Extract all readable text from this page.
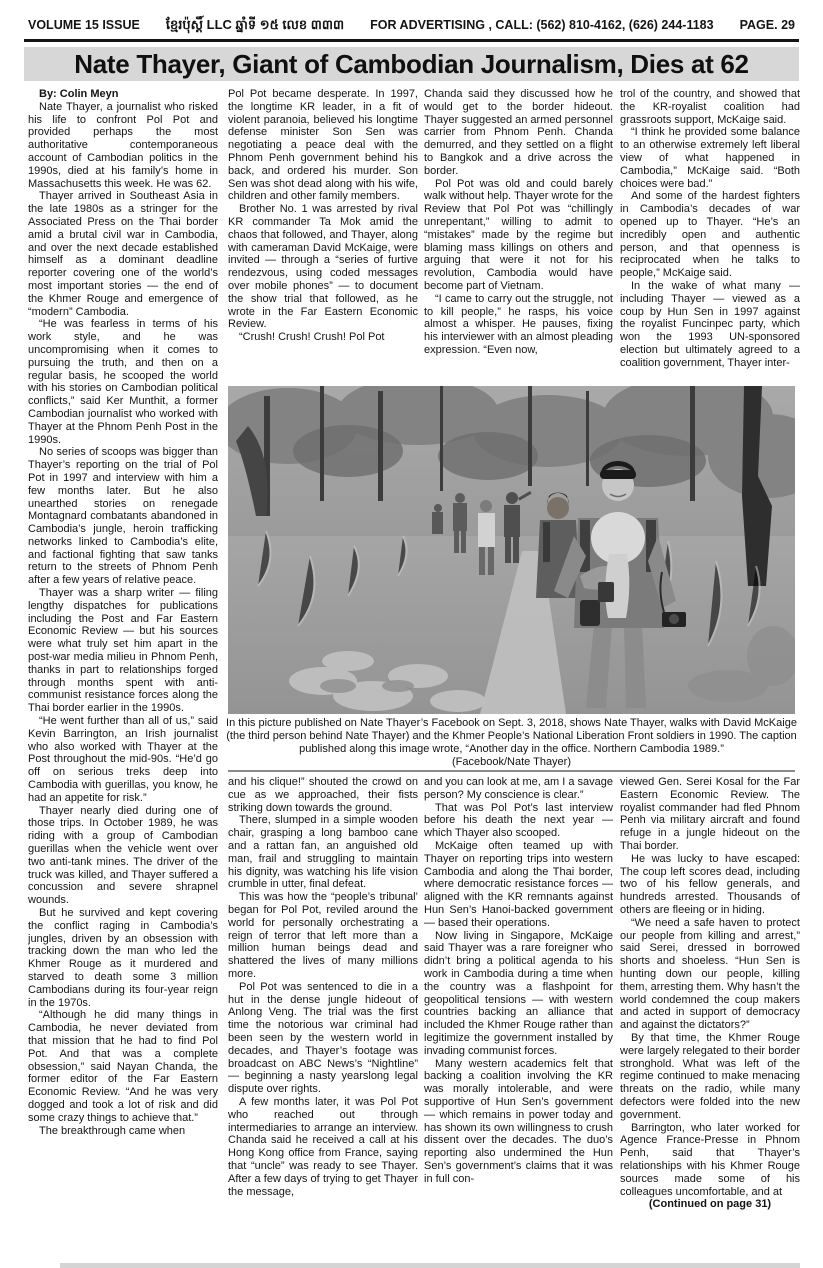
VOLUME 15 ISSUE ខ្មែរប៉ុស្តិ៍ LLC ឆ្នាំទី ១៥ លេខ ៣៣៣ FOR ADVERTISING , CALL: (562) 810-4162, (626) 244-1183 PAGE. 29
Nate Thayer, Giant of Cambodian Journalism, Dies at 62

By: Colin Meyn

Nate Thayer, a journalist who risked his life to confront Pol Pot and provided perhaps the most authoritative contemporaneous account of Cambodian politics in the 1990s, died at his family’s home in Massachusetts this week. He was 62.

Thayer arrived in Southeast Asia in the late 1980s as a stringer for the Associated Press on the Thai border amid a brutal civil war in Cambodia, and over the next decade established himself as a dominant deadline reporter covering one of the world’s most important stories — the end of the Khmer Rouge and emergence of “modern” Cambodia.

“He was fearless in terms of his work style, and he was uncompromising when it comes to pursuing the truth, and then on a regular basis, he scooped the world with his stories on Cambodian political conflicts,” said Ker Munthit, a former Cambodian journalist who worked with Thayer at the Phnom Penh Post in the 1990s.

No series of scoops was bigger than Thayer’s reporting on the trial of Pol Pot in 1997 and interview with him a few months later. But he also unearthed stories on renegade Montagnard combatants abandoned in Cambodia’s jungle, heroin trafficking networks linked to Cambodia’s elite, and factional fighting that saw tanks return to the streets of Phnom Penh after a few years of relative peace.

Thayer was a sharp writer — filing lengthy dispatches for publications including the Post and Far Eastern Economic Review — but his sources were what truly set him apart in the post-war media milieu in Phnom Penh, thanks in part to relationships forged through months spent with anti-communist resistance forces along the Thai border earlier in the 1990s.

“He went further than all of us,” said Kevin Barrington, an Irish journalist who also worked with Thayer at the Post throughout the mid-90s. “He’d go off on serious treks deep into Cambodia with guerillas, you know, he had an appetite for risk.”

Thayer nearly died during one of those trips. In October 1989, he was riding with a group of Cambodian guerillas when the vehicle went over two anti-tank mines. The driver of the truck was killed, and Thayer suffered a concussion and severe shrapnel wounds.

But he survived and kept covering the conflict raging in Cambodia’s jungles, driven by an obsession with tracking down the man who led the Khmer Rouge as it murdered and starved to death some 3 million Cambodians during its four-year reign in the 1970s.

“Although he did many things in Cambodia, he never deviated from that mission that he had to find Pol Pot. And that was a complete obsession,” said Nayan Chanda, the former editor of the Far Eastern Economic Review. “And he was very dogged and took a lot of risk and did some crazy things to achieve that.”

The breakthrough came when

Pol Pot became desperate. In 1997, the longtime KR leader, in a fit of violent paranoia, believed his longtime defense minister Son Sen was negotiating a peace deal with the Phnom Penh government behind his back, and ordered his murder. Son Sen was shot dead along with his wife, children and other family members.

Brother No. 1 was arrested by rival KR commander Ta Mok amid the chaos that followed, and Thayer, along with cameraman David McKaige, were invited — through a “series of furtive rendezvous, using coded messages over mobile phones” — to document the show trial that followed, as he wrote in the Far Eastern Economic Review.

“Crush! Crush! Crush! Pol Pot

Chanda said they discussed how he would get to the border hideout. Thayer suggested an armed personnel carrier from Phnom Penh. Chanda demurred, and they settled on a flight to Bangkok and a drive across the border.

Pol Pot was old and could barely walk without help. Thayer wrote for the Review that Pol Pot was “chillingly unrepentant,” willing to admit to “mistakes” made by the regime but blaming mass killings on others and arguing that were it not for his revolution, Cambodia would have become part of Vietnam.

“I came to carry out the struggle, not to kill people,” he rasps, his voice almost a whisper. He pauses, fixing his interviewer with an almost pleading expression. “Even now,

trol of the country, and showed that the KR-royalist coalition had grassroots support, McKaige said.

“I think he provided some balance to an otherwise extremely left liberal view of what happened in Cambodia,” McKaige said. “Both choices were bad.”

And some of the hardest fighters in Cambodia’s decades of war opened up to Thayer. “He’s an incredibly open and authentic person, and that openness is reciprocated when he talks to people,” McKaige said.

In the wake of what many — including Thayer — viewed as a coup by Hun Sen in 1997 against the royalist Funcinpec party, which won the 1993 UN-sponsored election but ultimately agreed to a coalition government, Thayer inter-

In this picture published on Nate Thayer’s Facebook on Sept. 3, 2018, shows Nate Thayer, walks with David McKaige (the third person behind Nate Thayer) and the Khmer People’s National Liberation Front soldiers in 1990. The caption published along this image wrote, “Another day in the office. Northern Cambodia 1989.”

(Facebook/Nate Thayer)

and his clique!” shouted the crowd on cue as we approached, their fists striking down towards the ground.

There, slumped in a simple wooden chair, grasping a long bamboo cane and a rattan fan, an anguished old man, frail and struggling to maintain his dignity, was watching his life vision crumble in utter, final defeat.

This was how the “people’s tribunal’ began for Pol Pot, reviled around the world for personally orchestrating a reign of terror that left more than a million human beings dead and shattered the lives of many millions more.

Pol Pot was sentenced to die in a hut in the dense jungle hideout of Anlong Veng. The trial was the first time the notorious war criminal had been seen by the western world in decades, and Thayer’s footage was broadcast on ABC News’s “Nightline” — beginning a nasty yearslong legal dispute over rights.

A few months later, it was Pol Pot who reached out through intermediaries to arrange an interview. Chanda said he received a call at his Hong Kong office from France, saying that “uncle” was ready to see Thayer. After a few days of trying to get Thayer the message,

and you can look at me, am I a savage person? My conscience is clear.”

That was Pol Pot’s last interview before his death the next year — which Thayer also scooped.

McKaige often teamed up with Thayer on reporting trips into western Cambodia and along the Thai border, where democratic resistance forces — aligned with the KR remnants against Hun Sen’s Hanoi-backed government — based their operations.

Now living in Singapore, McKaige said Thayer was a rare foreigner who didn’t bring a political agenda to his work in Cambodia during a time when the country was a flashpoint for geopolitical tensions — with western countries backing an alliance that included the Khmer Rouge rather than legitimize the government installed by invading communist forces.

Many western academics felt that backing a coalition involving the KR was morally intolerable, and were supportive of Hun Sen’s government — which remains in power today and has shown its own willingness to crush dissent over the decades. The duo’s reporting also undermined the Hun Sen’s government’s claims that it was in full con-

viewed Gen. Serei Kosal for the Far Eastern Economic Review. The royalist commander had fled Phnom Penh via military aircraft and found refuge in a jungle hideout on the Thai border.

He was lucky to have escaped: The coup left scores dead, including two of his fellow generals, and hundreds arrested. Thousands of others are fleeing or in hiding.

“We need a safe haven to protect our people from killing and arrest,” said Serei, dressed in borrowed shorts and shoeless. “Hun Sen is hunting down our people, killing them, arresting them. Why hasn’t the world condemned the coup makers and acted in support of democracy and against the dictators?”

By that time, the Khmer Rouge were largely relegated to their border stronghold. What was left of the regime continued to make menacing threats on the radio, while many defectors were folded into the new government.

Barrington, who later worked for Agence France-Presse in Phnom Penh, said that Thayer’s relationships with his Khmer Rouge sources made some of his colleagues uncomfortable, and at

(Continued on page 31)
